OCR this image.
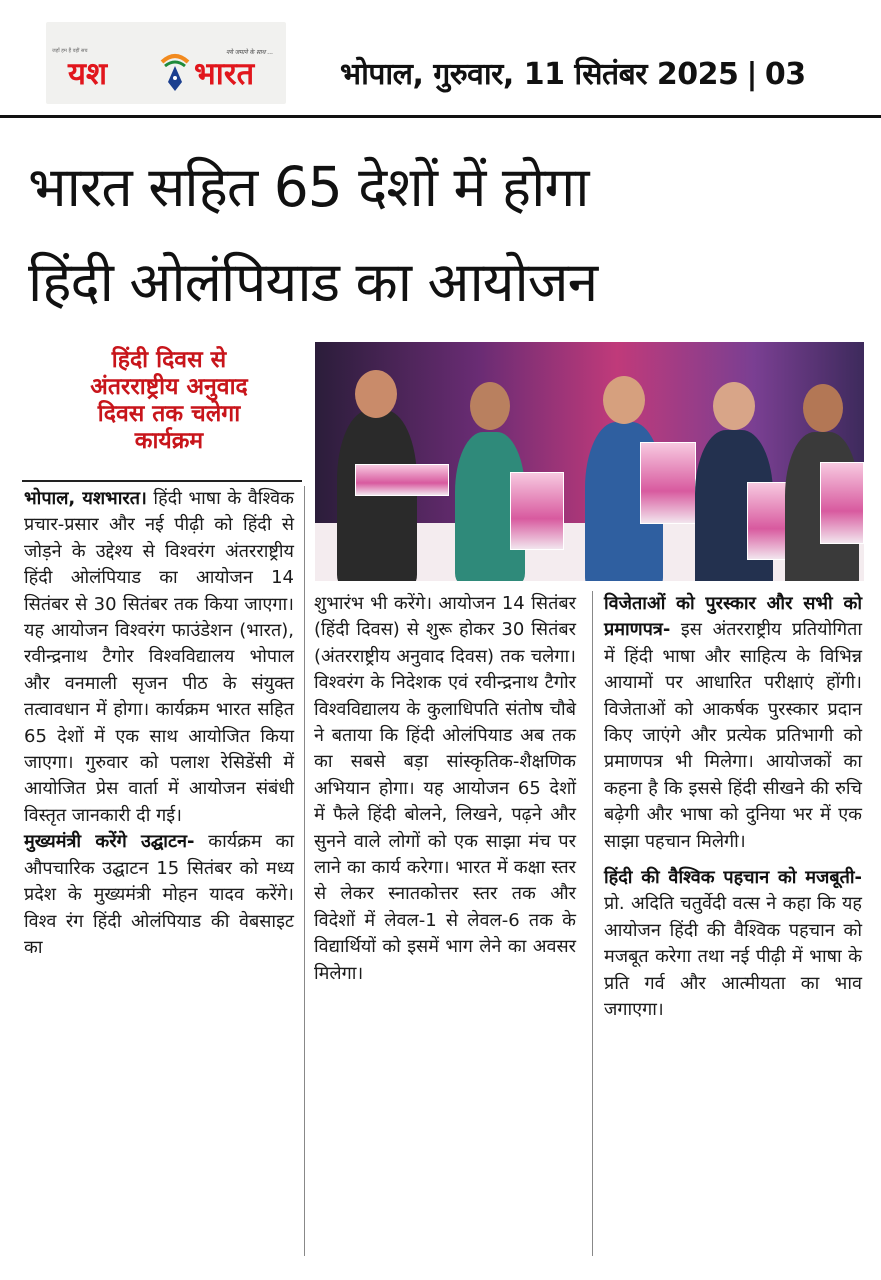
जहाँ हम हैं वहीं सच	नये जमाने के साथ ...
यश	भारत	भोपाल, गुरुवार, 11 सितंबर 2025 | 03
भारत सहित 65 देशों में होगा
हिंदी ओलंपियाड का आयोजन
हिंदी दिवस से
अंतरराष्ट्रीय अनुवाद
दिवस तक चलेगा
कार्यक्रम

भोपाल, यशभारत। हिंदी भाषा के वैश्विक प्रचार-प्रसार और नई पीढ़ी को हिंदी से जोड़ने के उद्देश्य से विश्वरंग अंतरराष्ट्रीय हिंदी ओलंपियाड का आयोजन 14 सितंबर से 30 सितंबर तक किया जाएगा। यह आयोजन विश्वरंग फाउंडेशन (भारत), रवीन्द्रनाथ टैगोर विश्वविद्यालय भोपाल और वनमाली सृजन पीठ के संयुक्त तत्वावधान में होगा। कार्यक्रम भारत सहित 65 देशों में एक साथ आयोजित किया जाएगा। गुरुवार को पलाश रेसिडेंसी में आयोजित प्रेस वार्ता में आयोजन संबंधी विस्तृत जानकारी दी गई।

मुख्यमंत्री करेंगे उद्घाटन- कार्यक्रम का औपचारिक उद्घाटन 15 सितंबर को मध्य प्रदेश के मुख्यमंत्री मोहन यादव करेंगे। विश्व रंग हिंदी ओलंपियाड की वेबसाइट का

शुभारंभ भी करेंगे। आयोजन 14 सितंबर (हिंदी दिवस) से शुरू होकर 30 सितंबर (अंतरराष्ट्रीय अनुवाद दिवस) तक चलेगा। विश्वरंग के निदेशक एवं रवीन्द्रनाथ टैगोर विश्वविद्यालय के कुलाधिपति संतोष चौबे ने बताया कि हिंदी ओलंपियाड अब तक का सबसे बड़ा सांस्कृतिक-शैक्षणिक अभियान होगा। यह आयोजन 65 देशों में फैले हिंदी बोलने, लिखने, पढ़ने और सुनने वाले लोगों को एक साझा मंच पर लाने का कार्य करेगा। भारत में कक्षा स्तर से लेकर स्नातकोत्तर स्तर तक और विदेशों में लेवल-1 से लेवल-6 तक के विद्यार्थियों को इसमें भाग लेने का अवसर मिलेगा।

विजेताओं को पुरस्कार और सभी को प्रमाणपत्र- इस अंतरराष्ट्रीय प्रतियोगिता में हिंदी भाषा और साहित्य के विभिन्न आयामों पर आधारित परीक्षाएं होंगी। विजेताओं को आकर्षक पुरस्कार प्रदान किए जाएंगे और प्रत्येक प्रतिभागी को प्रमाणपत्र भी मिलेगा। आयोजकों का कहना है कि इससे हिंदी सीखने की रुचि बढ़ेगी और भाषा को दुनिया भर में एक साझा पहचान मिलेगी।

हिंदी की वैश्विक पहचान को मजबूती- प्रो. अदिति चतुर्वेदी वत्स ने कहा कि यह आयोजन हिंदी की वैश्विक पहचान को मजबूत करेगा तथा नई पीढ़ी में भाषा के प्रति गर्व और आत्मीयता का भाव जगाएगा।
